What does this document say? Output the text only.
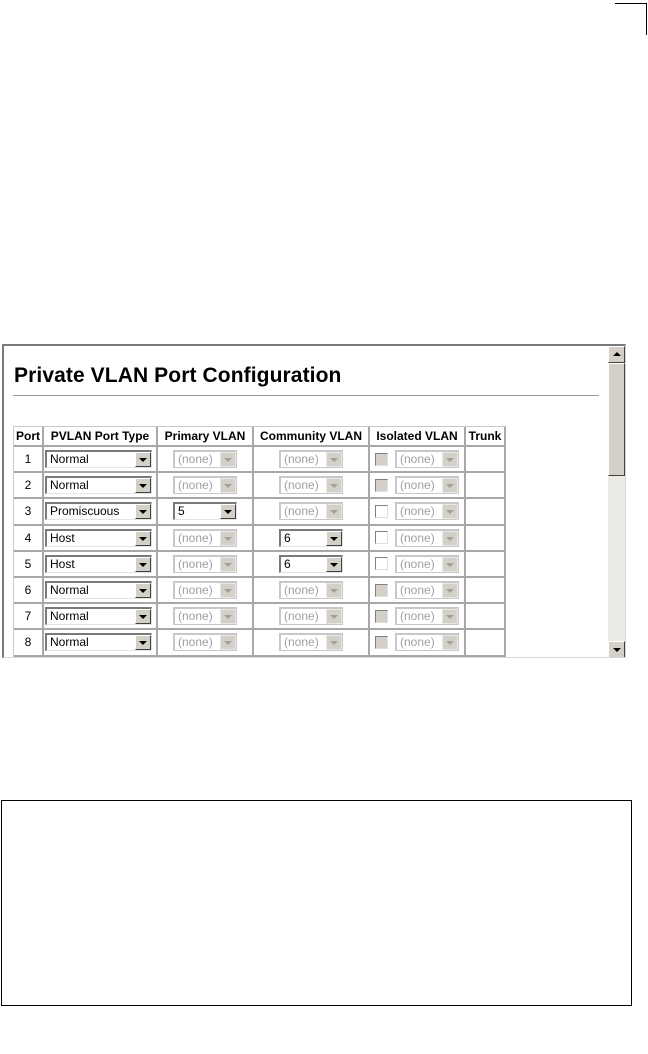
Private VLAN Port Configuration
Port	PVLAN Port Type	Primary VLAN	Community VLAN	Isolated VLAN	Trunk
1	Normal	(none)	(none)	(none)	

2	Normal	(none)	(none)	(none)	

3	Promiscuous	5	(none)	(none)	

4	Host	(none)	6	(none)	

5	Host	(none)	6	(none)	

6	Normal	(none)	(none)	(none)	

7	Normal	(none)	(none)	(none)	

8	Normal	(none)	(none)	(none)	
